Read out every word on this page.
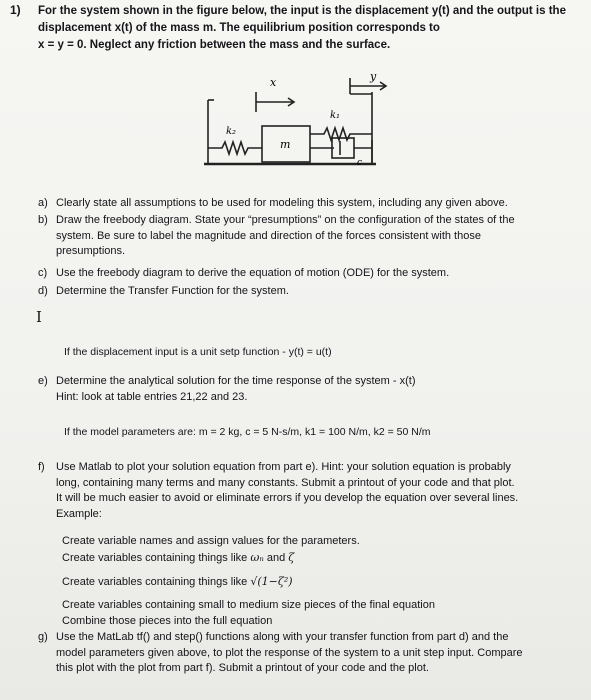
1) For the system shown in the figure below, the input is the displacement y(t) and the output is the
displacement x(t) of the mass m. The equilibrium position corresponds to
x = y = 0. Neglect any friction between the mass and the surface.
x	y
k₁
k₂
m
c
a) Clearly state all assumptions to be used for modeling this system, including any given above.
b) Draw the freebody diagram. State your “presumptions” on the configuration of the states of the
system. Be sure to label the magnitude and direction of the forces consistent with those
presumptions.
c) Use the freebody diagram to derive the equation of motion (ODE) for the system.
d) Determine the Transfer Function for the system.
I
If the displacement input is a unit setp function - y(t) = u(t)
e) Determine the analytical solution for the time response of the system - x(t)
Hint: look at table entries 21,22 and 23.
If the model parameters are: m = 2 kg, c = 5 N-s/m, k1 = 100 N/m, k2 = 50 N/m
f) Use Matlab to plot your solution equation from part e). Hint: your solution equation is probably
long, containing many terms and many constants. Submit a printout of your code and that plot.
It will be much easier to avoid or eliminate errors if you develop the equation over several lines.
Example:
Create variable names and assign values for the parameters.
Create variables containing things like ωₙ and ζ
Create variables containing things like √(1−ζ²)
Create variables containing small to medium size pieces of the final equation
Combine those pieces into the full equation
g) Use the MatLab tf() and step() functions along with your transfer function from part d) and the
model parameters given above, to plot the response of the system to a unit step input. Compare
this plot with the plot from part f). Submit a printout of your code and the plot.
